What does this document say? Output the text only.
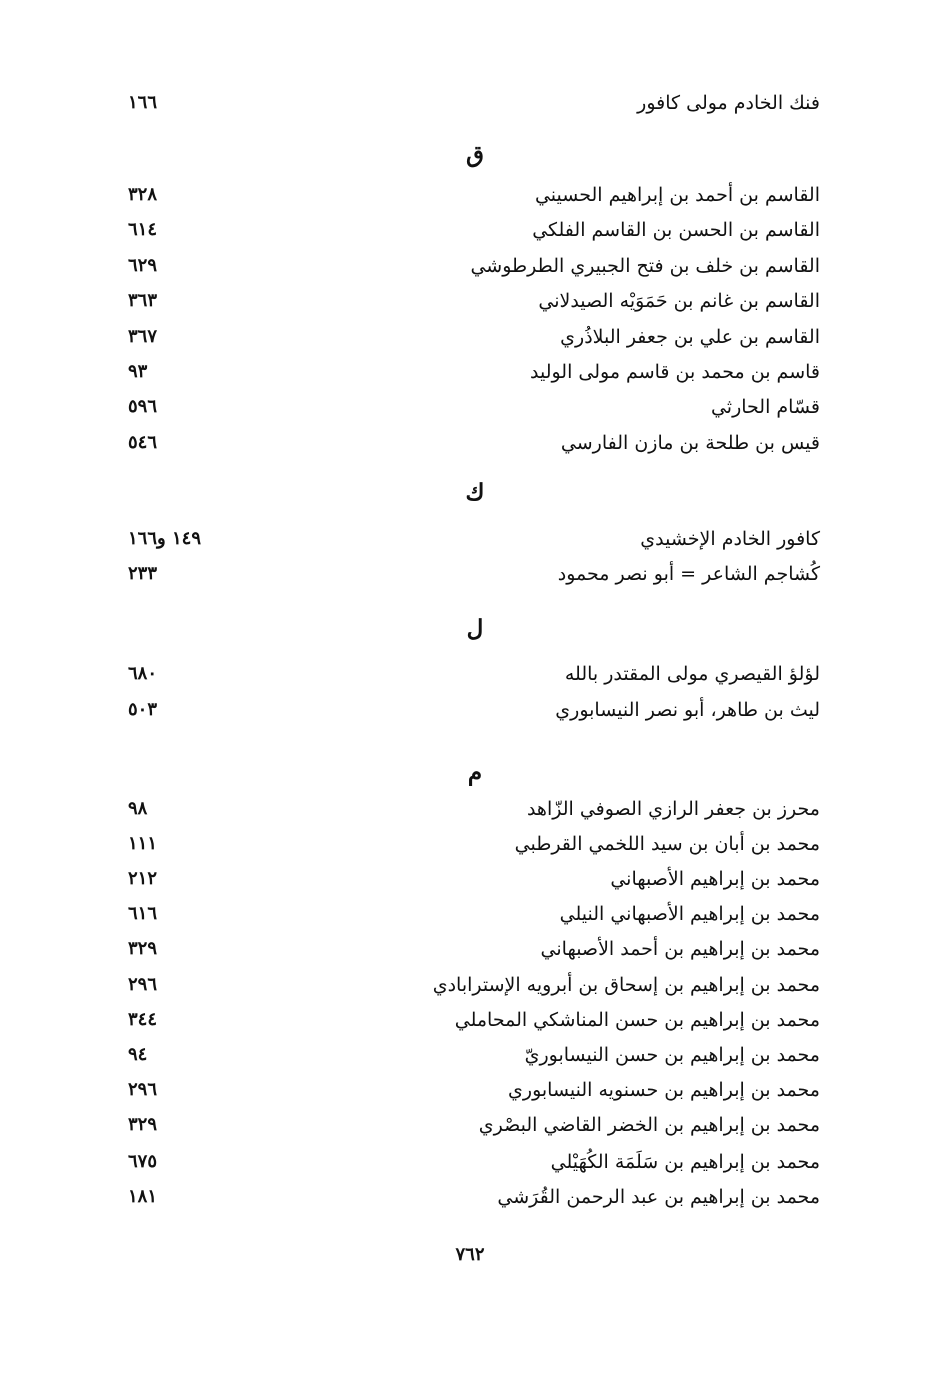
فنك الخادم مولى كافور
١٦٦
ق
القاسم بن أحمد بن إبراهيم الحسيني
٣٢٨
القاسم بن الحسن بن القاسم الفلكي
٦١٤
القاسم بن خلف بن فتح الجبيري الطرطوشي
٦٢٩
القاسم بن غانم بن حَمَوَيْه الصيدلاني
٣٦٣
القاسم بن علي بن جعفر البلاذُري
٣٦٧
قاسم بن محمد بن قاسم مولى الوليد
٩٣
قسّام الحارثي
٥٩٦
قيس بن طلحة بن مازن الفارسي
٥٤٦
ك
كافور الخادم الإخشيدي
١٤٩ و١٦٦
كُشاجم الشاعر = أبو نصر محمود
٢٣٣
ل
لؤلؤ القيصري مولى المقتدر بالله
٦٨٠
ليث بن طاهر، أبو نصر النيسابوري
٥٠٣
م
محرز بن جعفر الرازي الصوفي الزّاهد
٩٨
محمد بن أبان بن سيد اللخمي القرطبي
١١١
محمد بن إبراهيم الأصبهاني
٢١٢
محمد بن إبراهيم الأصبهاني النيلي
٦١٦
محمد بن إبراهيم بن أحمد الأصبهاني
٣٢٩
محمد بن إبراهيم بن إسحاق بن أبرويه الإسترابادي
٢٩٦
محمد بن إبراهيم بن حسن المناشكي المحاملي
٣٤٤
محمد بن إبراهيم بن حسن النيسابوريّ
٩٤
محمد بن إبراهيم بن حسنويه النيسابوري
٢٩٦
محمد بن إبراهيم بن الخضر القاضي البصْري
٣٢٩
محمد بن إبراهيم بن سَلَمَة الكُهَيْلي
٦٧٥
محمد بن إبراهيم بن عبد الرحمن القُرَشي
١٨١
٧٦٢
